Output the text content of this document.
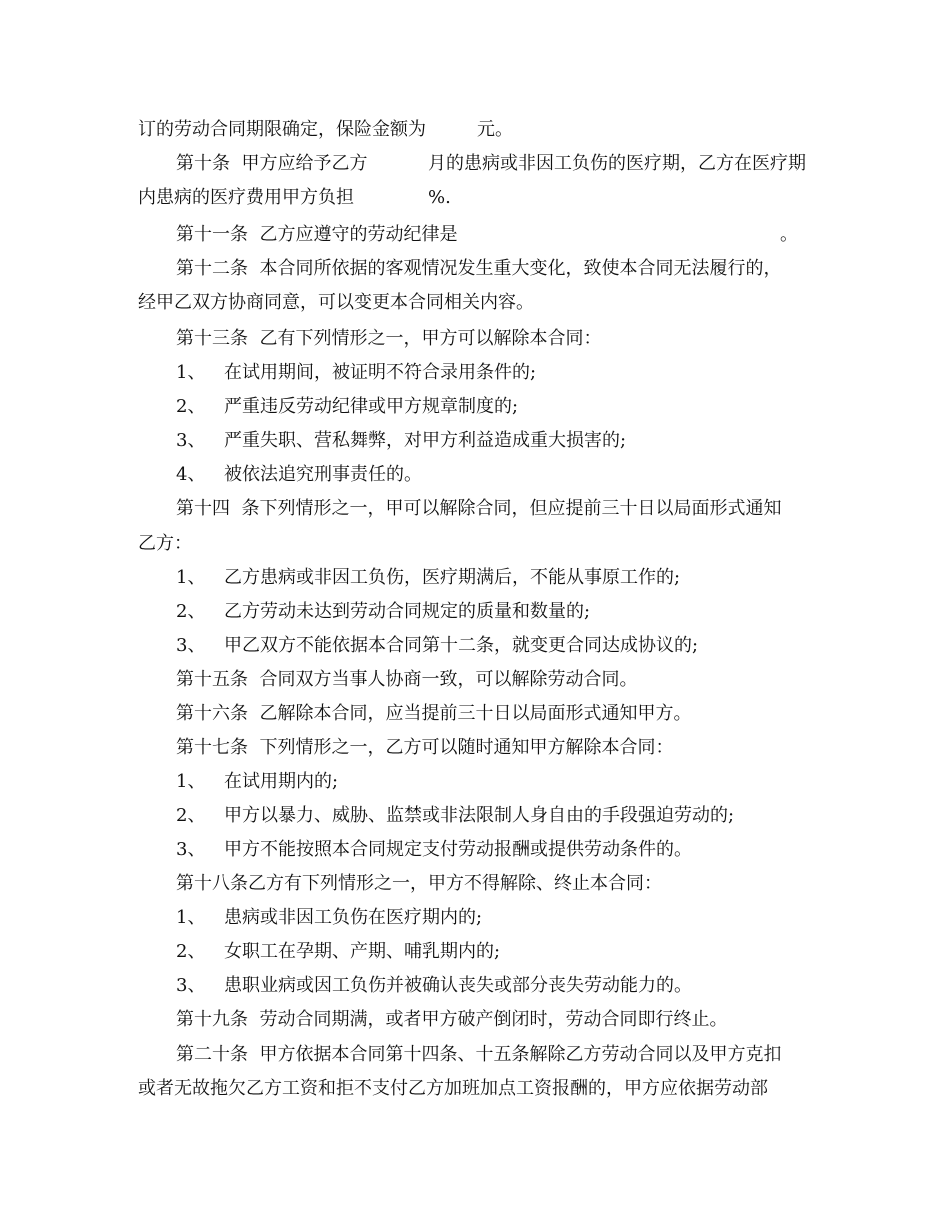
订的劳动合同期限确定，保险金额为

	元。

第十条  甲方应给予乙方

	月的患病或非因工负伤的医疗期，乙方在医疗期

内患病的医疗费用甲方负担

	%.

第十一条  乙方应遵守的劳动纪律是

	。

第十二条  本合同所依据的客观情况发生重大变化，致使本合同无法履行的，

经甲乙双方协商同意，可以变更本合同相关内容。

第十三条  乙有下列情形之一，甲方可以解除本合同：

1、

在试用期间，被证明不符合录用条件的;

2、

严重违反劳动纪律或甲方规章制度的;

3、

严重失职、营私舞弊，对甲方利益造成重大损害的;

4、

被依法追究刑事责任的。

第十四  条下列情形之一，甲可以解除合同，但应提前三十日以局面形式通知

乙方：

1、

乙方患病或非因工负伤，医疗期满后，不能从事原工作的;

2、

乙方劳动未达到劳动合同规定的质量和数量的;

3、

甲乙双方不能依据本合同第十二条，就变更合同达成协议的;

第十五条  合同双方当事人协商一致，可以解除劳动合同。

第十六条  乙解除本合同，应当提前三十日以局面形式通知甲方。

第十七条  下列情形之一，乙方可以随时通知甲方解除本合同：

1、

在试用期内的;

2、

甲方以暴力、威胁、监禁或非法限制人身自由的手段强迫劳动的;

3、

甲方不能按照本合同规定支付劳动报酬或提供劳动条件的。

第十八条乙方有下列情形之一，甲方不得解除、终止本合同：

1、

患病或非因工负伤在医疗期内的;

2、

女职工在孕期、产期、哺乳期内的;

3、

患职业病或因工负伤并被确认丧失或部分丧失劳动能力的。

第十九条  劳动合同期满，或者甲方破产倒闭时，劳动合同即行终止。

第二十条  甲方依据本合同第十四条、十五条解除乙方劳动合同以及甲方克扣

或者无故拖欠乙方工资和拒不支付乙方加班加点工资报酬的，甲方应依据劳动部
